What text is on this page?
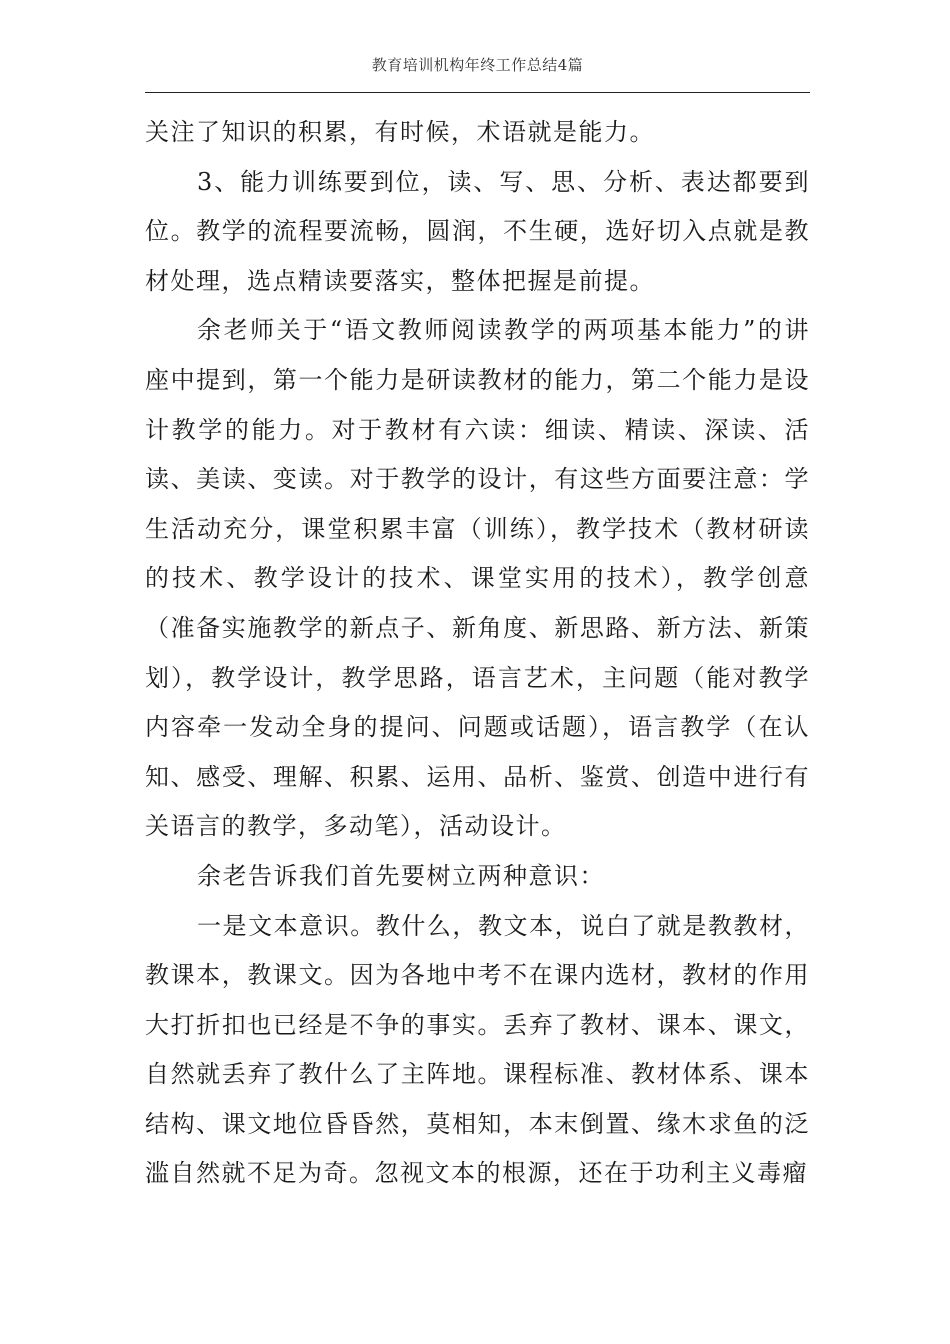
教育培训机构年终工作总结4篇

关注了知识的积累，有时候，术语就是能力。

3、能力训练要到位，读、写、思、分析、表达都要到位。教学的流程要流畅，圆润，不生硬，选好切入点就是教材处理，选点精读要落实，整体把握是前提。

余老师关于“语文教师阅读教学的两项基本能力”的讲座中提到，第一个能力是研读教材的能力，第二个能力是设计教学的能力。对于教材有六读：细读、精读、深读、活读、美读、变读。对于教学的设计，有这些方面要注意：学生活动充分，课堂积累丰富（训练），教学技术（教材研读的技术、教学设计的技术、课堂实用的技术），教学创意（准备实施教学的新点子、新角度、新思路、新方法、新策划），教学设计，教学思路，语言艺术，主问题（能对教学内容牵一发动全身的提问、问题或话题），语言教学（在认知、感受、理解、积累、运用、品析、鉴赏、创造中进行有关语言的教学，多动笔），活动设计。

余老告诉我们首先要树立两种意识：

一是文本意识。教什么，教文本，说白了就是教教材，教课本，教课文。因为各地中考不在课内选材，教材的作用大打折扣也已经是不争的事实。丢弃了教材、课本、课文，自然就丢弃了教什么了主阵地。课程标准、教材体系、课本结构、课文地位昏昏然，莫相知，本末倒置、缘木求鱼的泛滥自然就不足为奇。忽视文本的根源，还在于功利主义毒瘤
